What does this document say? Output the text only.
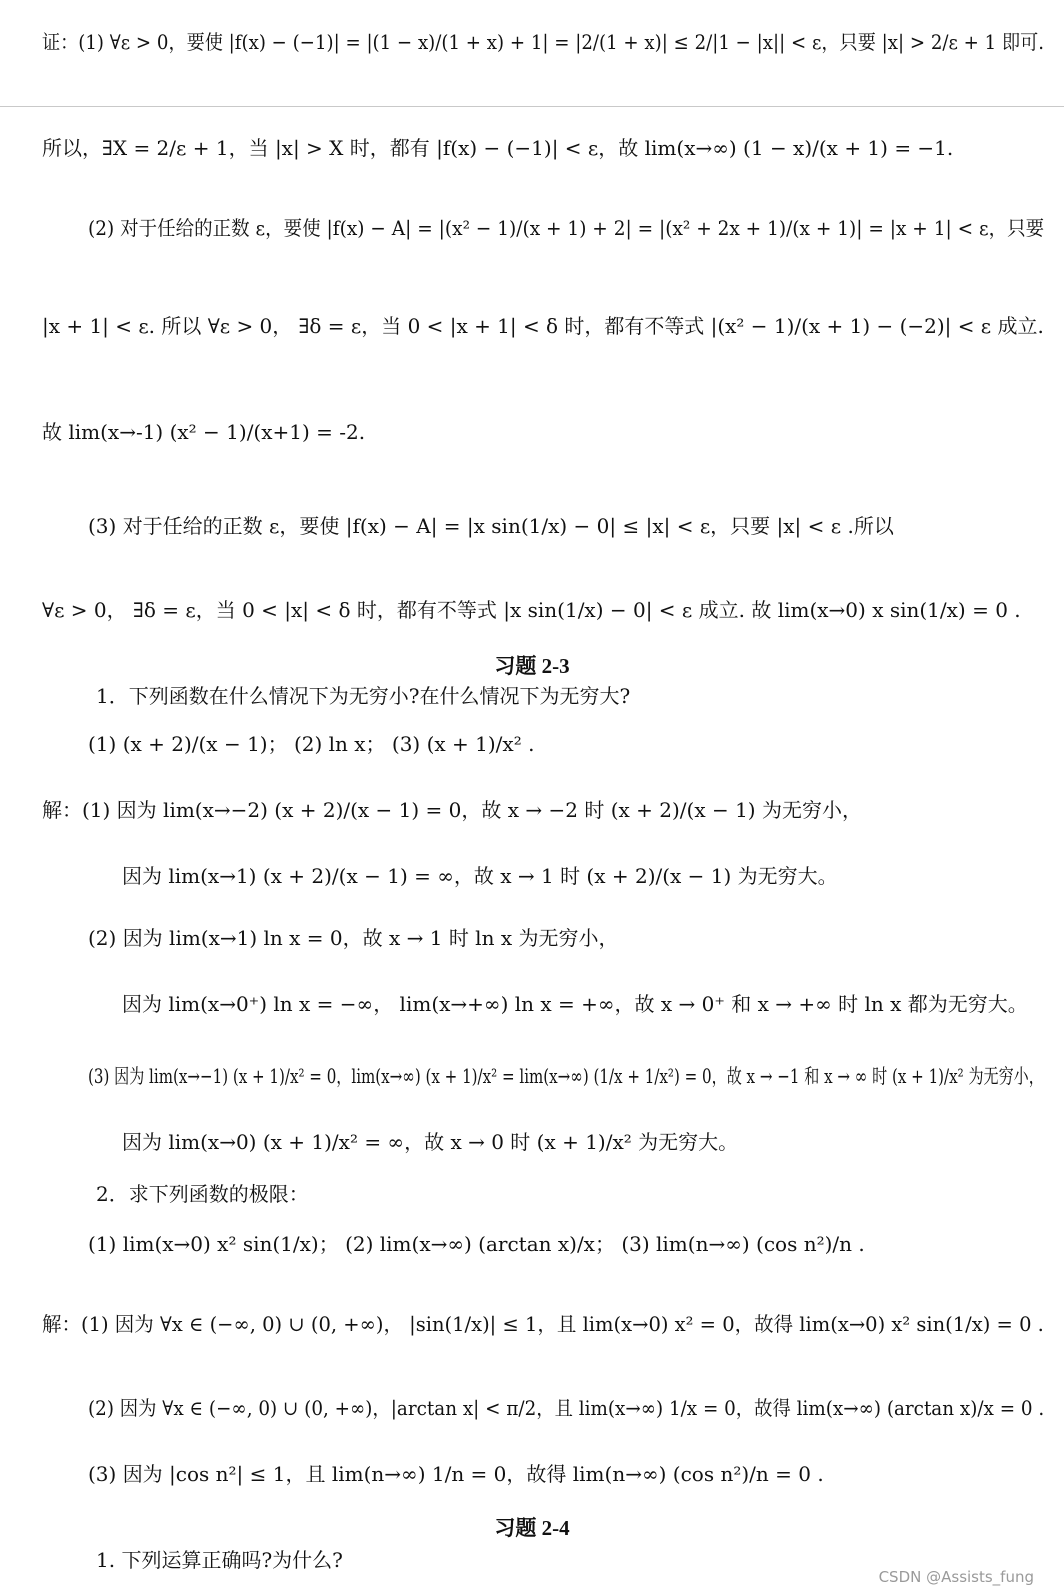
证：(1) ∀ε > 0，要使 |f(x) − (−1)| = |(1 − x)/(1 + x) + 1| = |2/(1 + x)| ≤ 2/|1 − |x|| < ε，只要 |x| > 2/ε + 1 即可.
所以，∃X = 2/ε + 1，当 |x| > X 时，都有 |f(x) − (−1)| < ε，故 lim(x→∞) (1 − x)/(x + 1) = −1.
(2) 对于任给的正数 ε，要使 |f(x) − A| = |(x² − 1)/(x + 1) + 2| = |(x² + 2x + 1)/(x + 1)| = |x + 1| < ε，只要
|x + 1| < ε. 所以 ∀ε > 0， ∃δ = ε，当 0 < |x + 1| < δ 时，都有不等式 |(x² − 1)/(x + 1) − (−2)| < ε 成立.
故 lim(x→-1) (x² − 1)/(x+1) = -2.
(3) 对于任给的正数 ε，要使 |f(x) − A| = |x sin(1/x) − 0| ≤ |x| < ε，只要 |x| < ε .所以
∀ε > 0， ∃δ = ε，当 0 < |x| < δ 时，都有不等式 |x sin(1/x) − 0| < ε 成立. 故 lim(x→0) x sin(1/x) = 0 .
习题 2-3
1．下列函数在什么情况下为无穷小?在什么情况下为无穷大?
(1) (x + 2)/(x − 1)； (2) ln x； (3) (x + 1)/x² .
解：(1) 因为 lim(x→−2) (x + 2)/(x − 1) = 0，故 x → −2 时 (x + 2)/(x − 1) 为无穷小，
因为 lim(x→1) (x + 2)/(x − 1) = ∞，故 x → 1 时 (x + 2)/(x − 1) 为无穷大。
(2) 因为 lim(x→1) ln x = 0，故 x → 1 时 ln x 为无穷小，
因为 lim(x→0⁺) ln x = −∞， lim(x→+∞) ln x = +∞，故 x → 0⁺ 和 x → +∞ 时 ln x 都为无穷大。
(3) 因为 lim(x→−1) (x + 1)/x² = 0，lim(x→∞) (x + 1)/x² = lim(x→∞) (1/x + 1/x²) = 0，故 x → −1 和 x → ∞ 时 (x + 1)/x² 为无穷小，
因为 lim(x→0) (x + 1)/x² = ∞，故 x → 0 时 (x + 1)/x² 为无穷大。
2．求下列函数的极限：
(1) lim(x→0) x² sin(1/x)； (2) lim(x→∞) (arctan x)/x； (3) lim(n→∞) (cos n²)/n .
解：(1) 因为 ∀x ∈ (−∞, 0) ∪ (0, +∞)， |sin(1/x)| ≤ 1，且 lim(x→0) x² = 0，故得 lim(x→0) x² sin(1/x) = 0 .
(2) 因为 ∀x ∈ (−∞, 0) ∪ (0, +∞)，|arctan x| < π/2，且 lim(x→∞) 1/x = 0，故得 lim(x→∞) (arctan x)/x = 0 .
(3) 因为 |cos n²| ≤ 1，且 lim(n→∞) 1/n = 0，故得 lim(n→∞) (cos n²)/n = 0 .
习题 2-4
1. 下列运算正确吗?为什么?
CSDN @Assists_fung
